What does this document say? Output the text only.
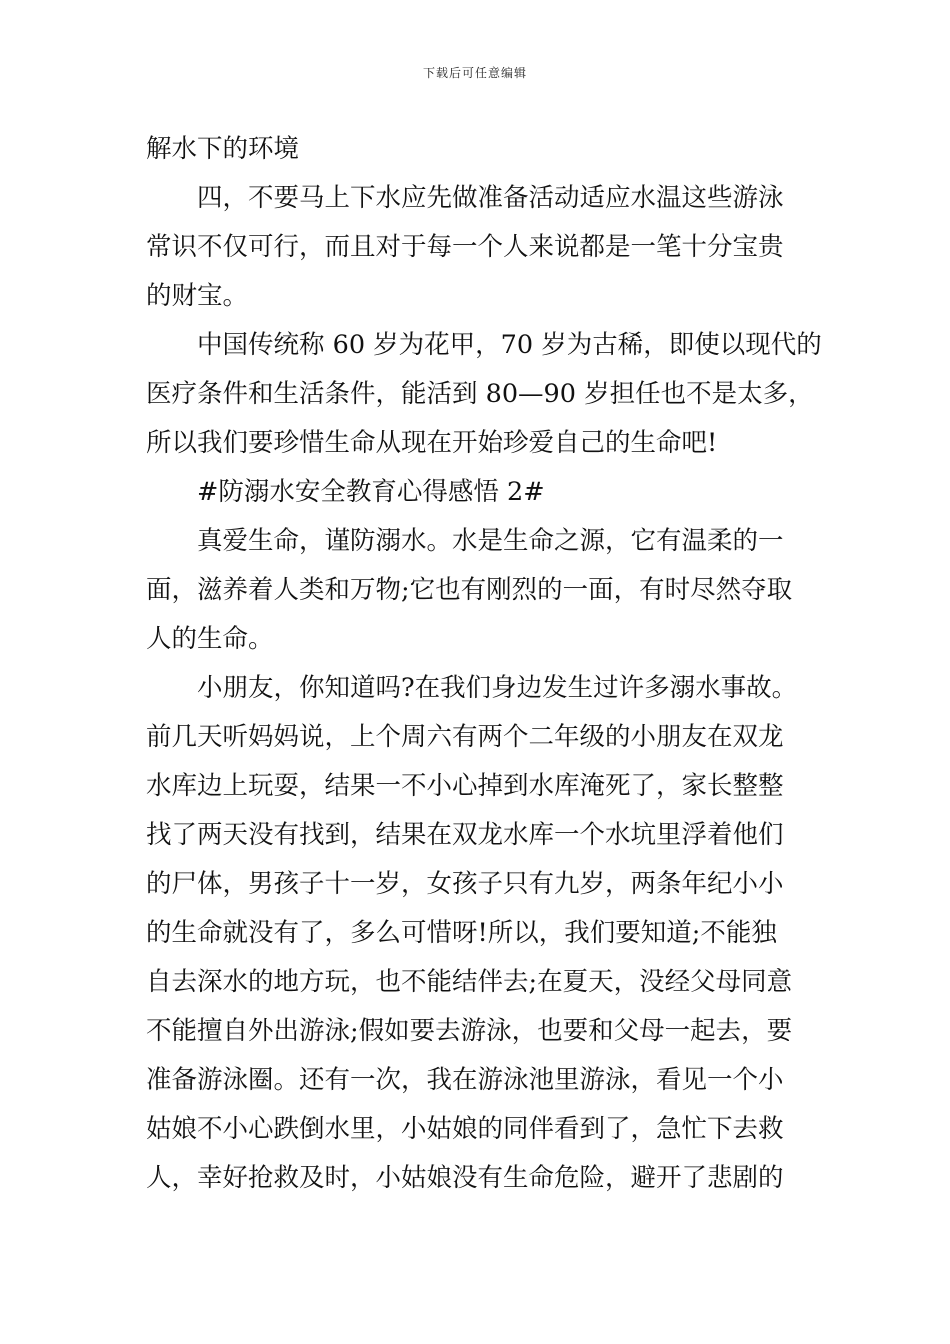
下载后可任意编辑
解水下的环境
四，不要马上下水应先做准备活动适应水温这些游泳
常识不仅可行，而且对于每一个人来说都是一笔十分宝贵
的财宝。
中国传统称 60 岁为花甲，70 岁为古稀，即使以现代的
医疗条件和生活条件，能活到 80—90 岁担任也不是太多，
所以我们要珍惜生命从现在开始珍爱自己的生命吧!
#防溺水安全教育心得感悟 2#
真爱生命，谨防溺水。水是生命之源，它有温柔的一
面，滋养着人类和万物;它也有刚烈的一面，有时尽然夺取
人的生命。
小朋友，你知道吗?在我们身边发生过许多溺水事故。
前几天听妈妈说，上个周六有两个二年级的小朋友在双龙
水库边上玩耍，结果一不小心掉到水库淹死了，家长整整
找了两天没有找到，结果在双龙水库一个水坑里浮着他们
的尸体，男孩子十一岁，女孩子只有九岁，两条年纪小小
的生命就没有了，多么可惜呀!所以，我们要知道;不能独
自去深水的地方玩，也不能结伴去;在夏天，没经父母同意
不能擅自外出游泳;假如要去游泳，也要和父母一起去，要
准备游泳圈。还有一次，我在游泳池里游泳，看见一个小
姑娘不小心跌倒水里，小姑娘的同伴看到了，急忙下去救
人，幸好抢救及时，小姑娘没有生命危险，避开了悲剧的
